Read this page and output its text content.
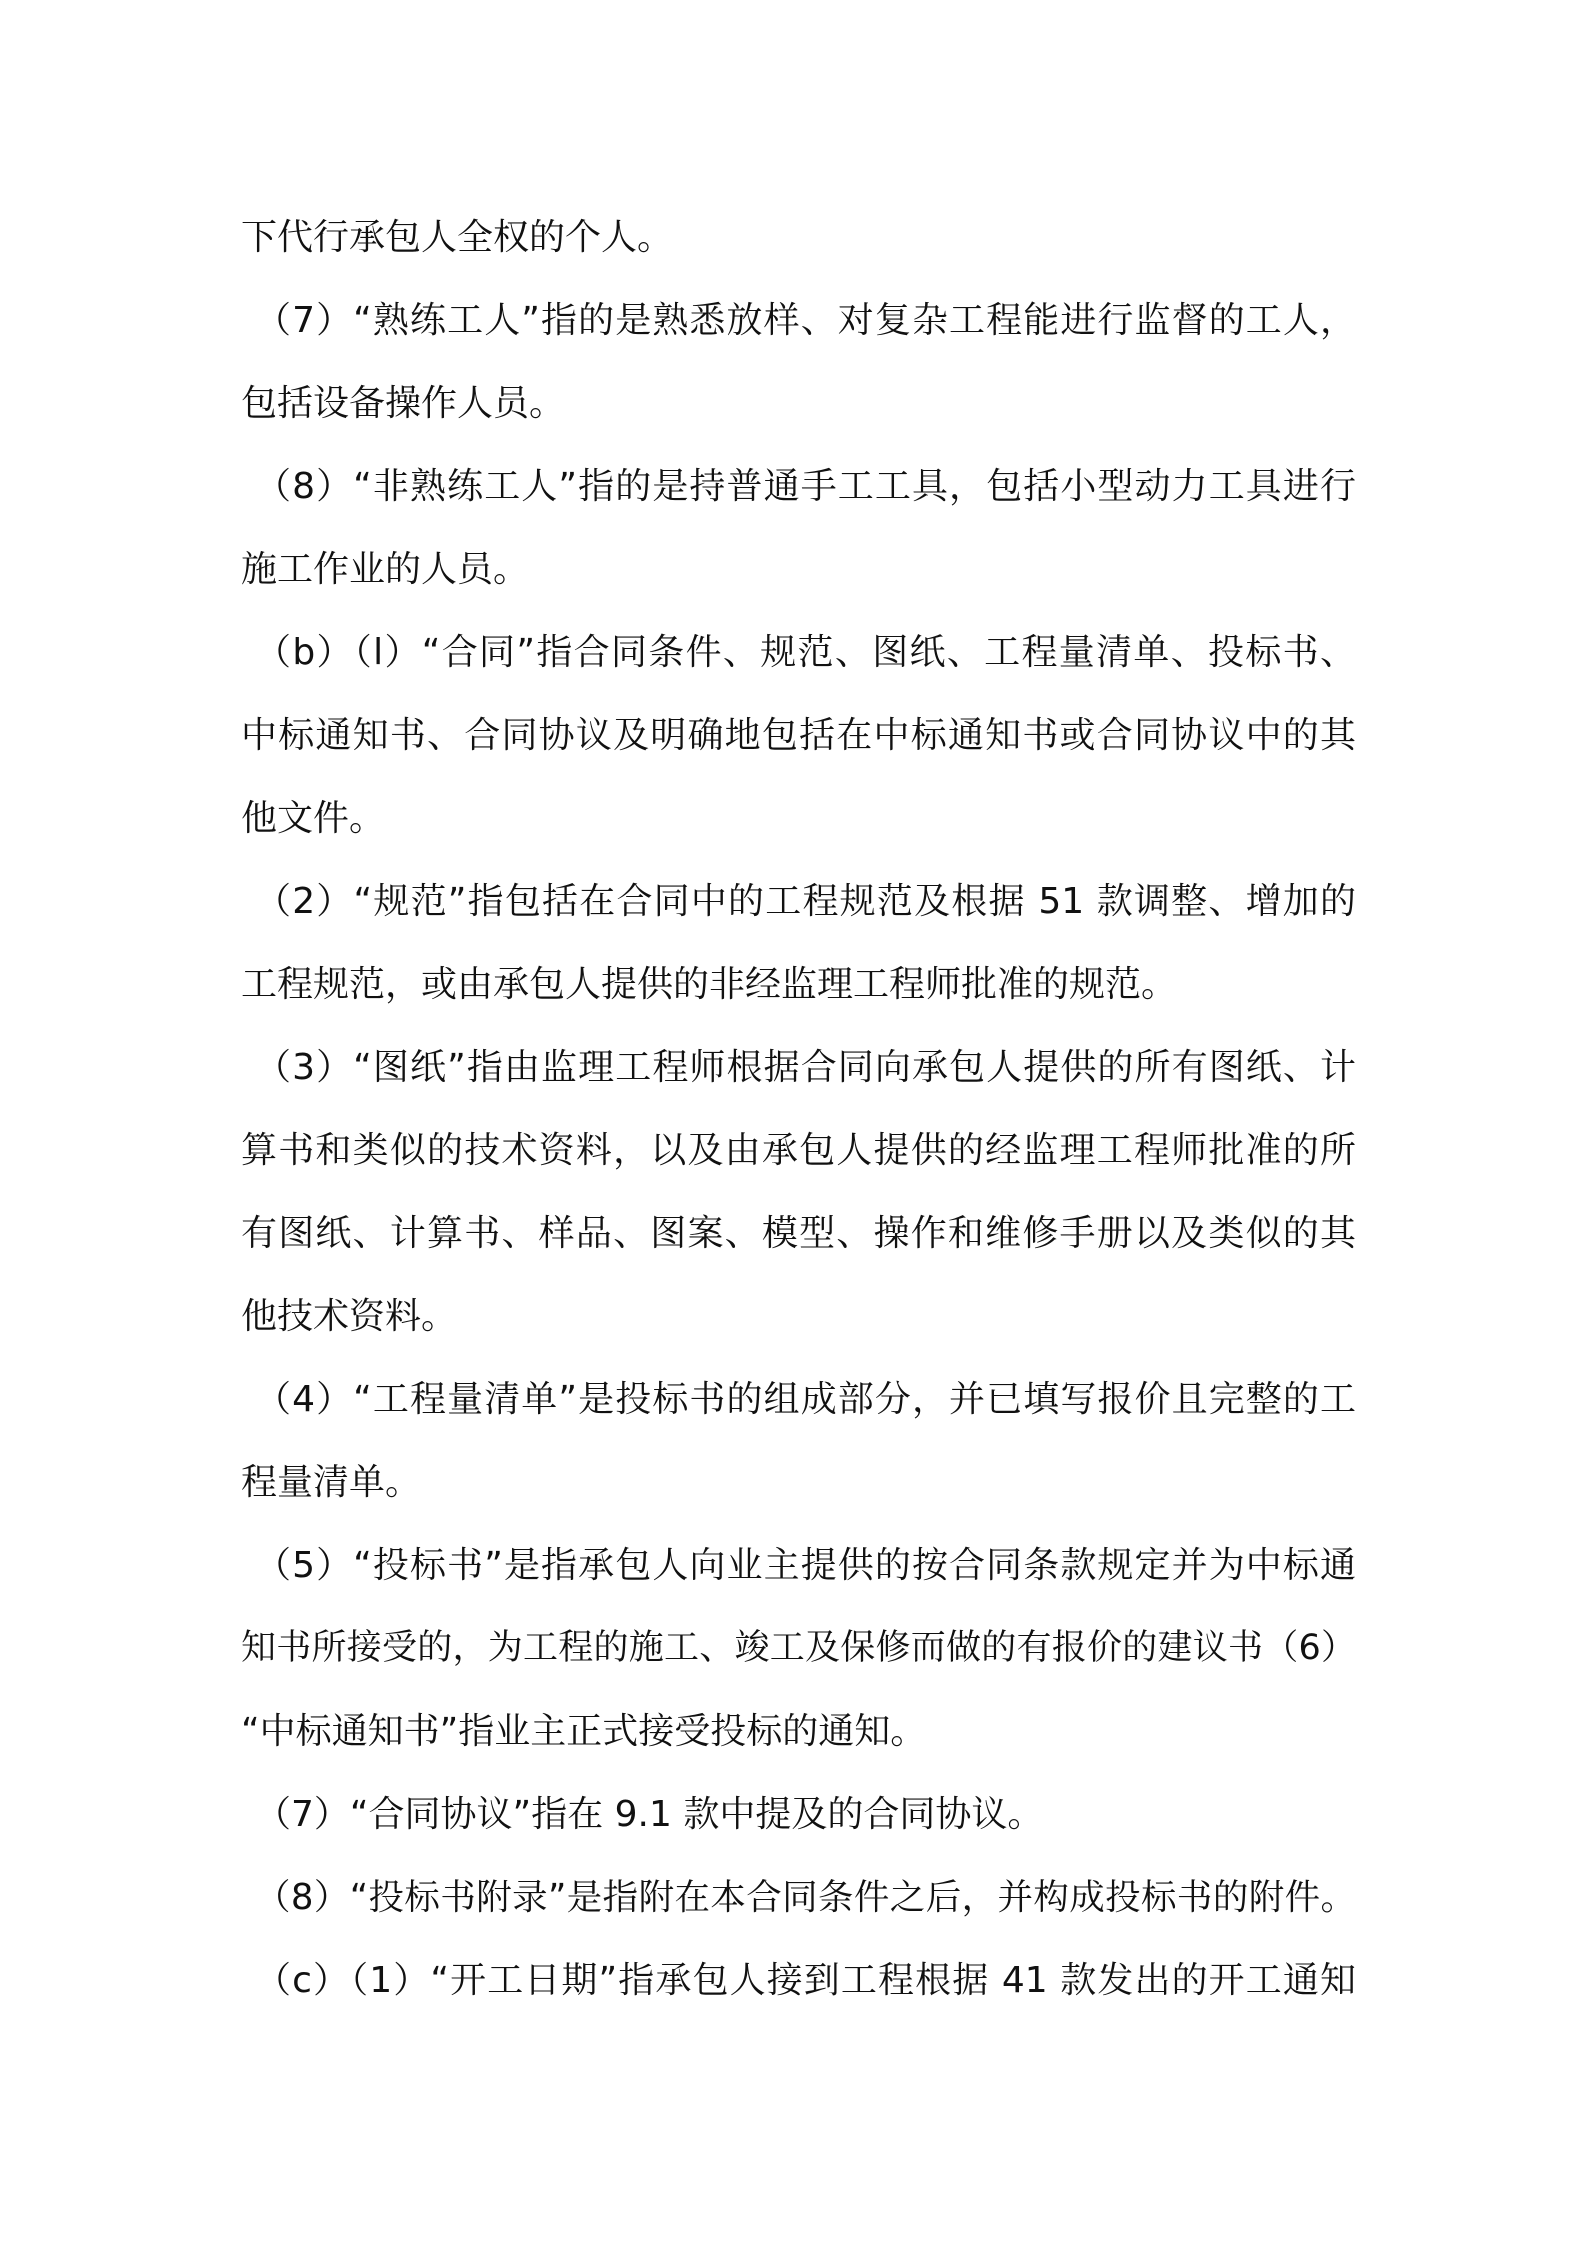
下代行承包人全权的个人。
（7）“熟练工人”指的是熟悉放样、对复杂工程能进行监督的工人，
包括设备操作人员。
（8）“非熟练工人”指的是持普通手工工具，包括小型动力工具进行
施工作业的人员。
（b）（l）“合同”指合同条件、规范、图纸、工程量清单、投标书、
中标通知书、合同协议及明确地包括在中标通知书或合同协议中的其
他文件。
（2）“规范”指包括在合同中的工程规范及根据 51 款调整、增加的
工程规范，或由承包人提供的非经监理工程师批准的规范。
（3）“图纸”指由监理工程师根据合同向承包人提供的所有图纸、计
算书和类似的技术资料，以及由承包人提供的经监理工程师批准的所
有图纸、计算书、样品、图案、模型、操作和维修手册以及类似的其
他技术资料。
（4）“工程量清单”是投标书的组成部分，并已填写报价且完整的工
程量清单。
（5）“投标书”是指承包人向业主提供的按合同条款规定并为中标通
知书所接受的，为工程的施工、竣工及保修而做的有报价的建议书（6）
“中标通知书”指业主正式接受投标的通知。
（7）“合同协议”指在 9.1 款中提及的合同协议。
（8）“投标书附录”是指附在本合同条件之后，并构成投标书的附件。
（c）（1）“开工日期”指承包人接到工程根据 41 款发出的开工通知
